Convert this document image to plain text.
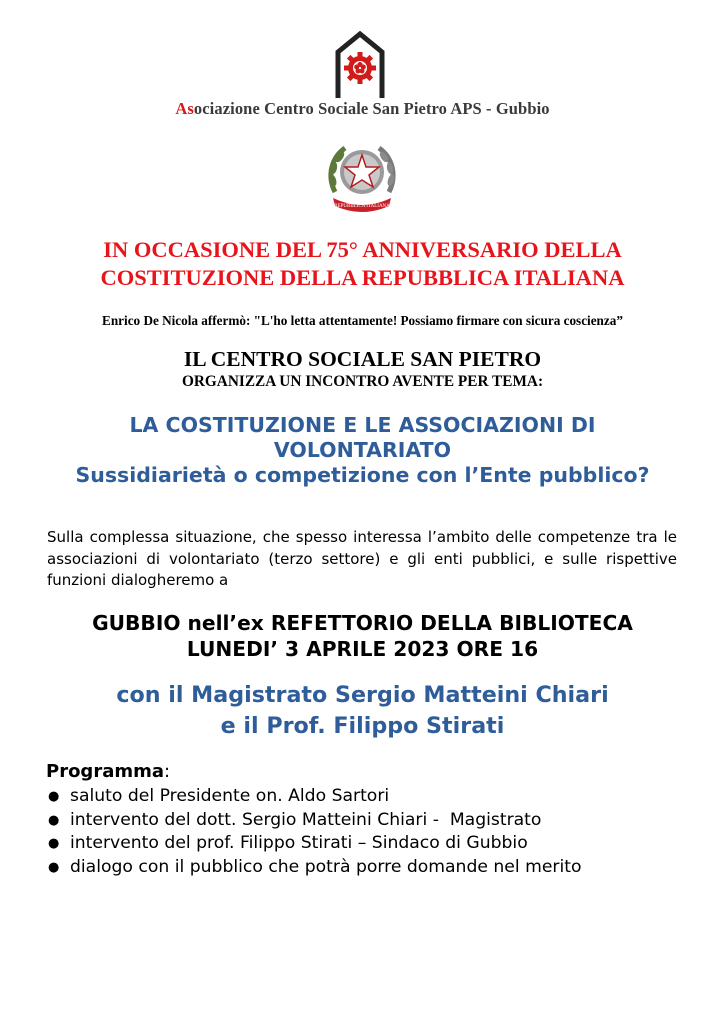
Asociazione Centro Sociale San Pietro APS - Gubbio
REPUBBLICA ITALIANA
IN OCCASIONE DEL 75° ANNIVERSARIO DELLA
COSTITUZIONE DELLA REPUBBLICA ITALIANA
Enrico De Nicola affermò: "L'ho letta attentamente! Possiamo firmare con sicura coscienza”
IL CENTRO SOCIALE SAN PIETRO
ORGANIZZA UN INCONTRO AVENTE PER TEMA:
LA COSTITUZIONE E LE ASSOCIAZIONI DI
VOLONTARIATO
Sussidiarietà o competizione con l’Ente pubblico?
Sulla complessa situazione, che spesso interessa l’ambito delle competenze tra le associazioni di volontariato (terzo settore) e gli enti pubblici, e sulle rispettive funzioni dialogheremo a
GUBBIO nell’ex REFETTORIO DELLA BIBLIOTECA
LUNEDI’ 3 APRILE 2023 ORE 16
con il Magistrato Sergio Matteini Chiari
e il Prof. Filippo Stirati
Programma:
● saluto del Presidente on. Aldo Sartori
● intervento del dott. Sergio Matteini Chiari -  Magistrato
● intervento del prof. Filippo Stirati – Sindaco di Gubbio
● dialogo con il pubblico che potrà porre domande nel merito
